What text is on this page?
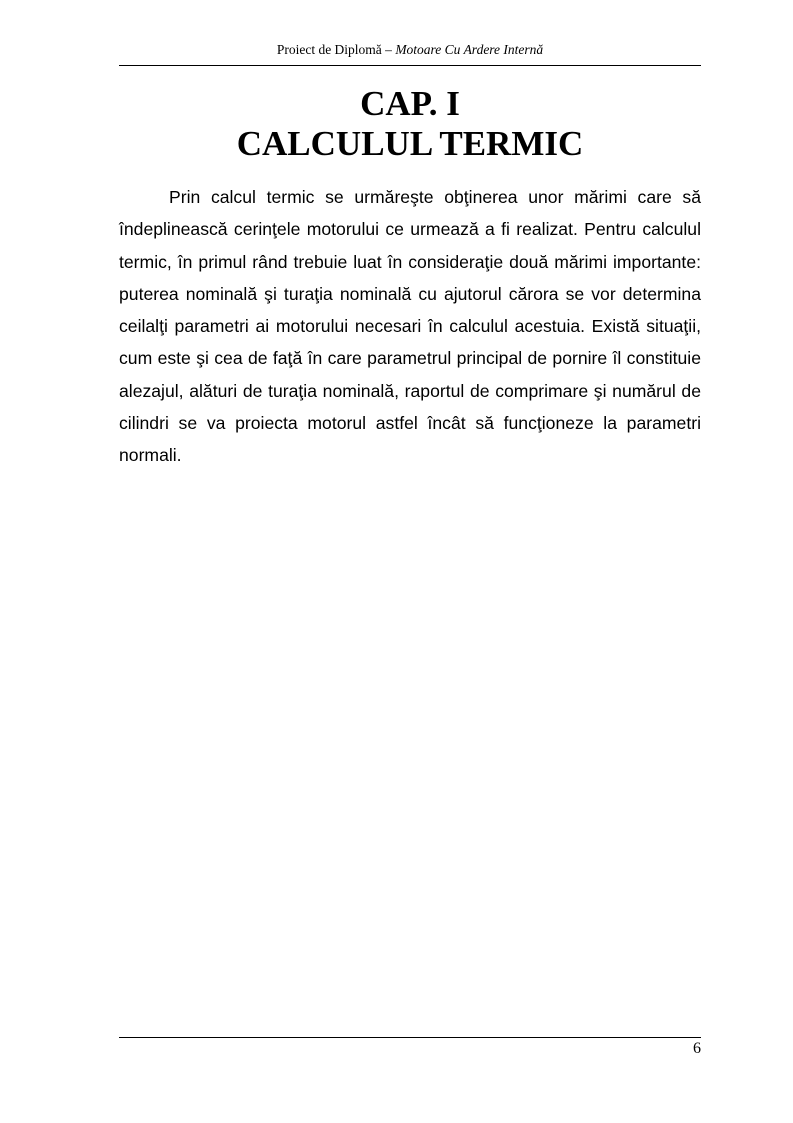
Proiect de Diplomă – Motoare Cu Ardere Internă
CAP. I
CALCULUL TERMIC

Prin calcul termic se urmăreşte obţinerea unor mărimi care să îndeplinească cerinţele motorului ce urmează a fi realizat. Pentru calculul termic, în primul rând trebuie luat în consideraţie două mărimi importante: puterea nominală şi turaţia nominală cu ajutorul cărora se vor determina ceilalţi parametri ai motorului necesari în calculul acestuia. Există situaţii, cum este şi cea de faţă în care parametrul principal de pornire îl constituie alezajul, alături de turaţia nominală, raportul de comprimare şi numărul de cilindri se va proiecta motorul astfel încât să funcţioneze la parametri normali.

6
